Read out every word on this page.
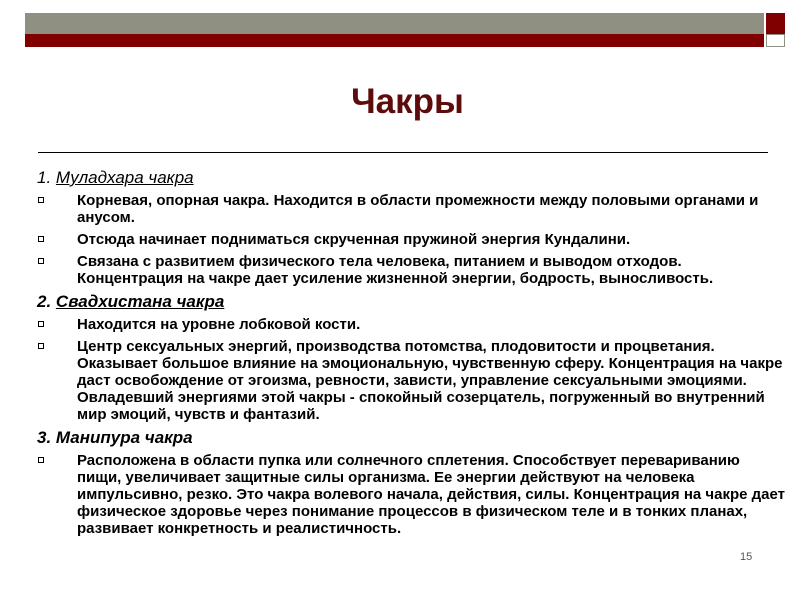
Чакры
1. Муладхара чакра
Корневая, опорная чакра. Находится в области промежности между половыми органами и анусом.
Отсюда начинает подниматься скрученная пружиной энергия Кундалини.
Связана с развитием физического тела человека, питанием и выводом отходов. Концентрация на чакре дает усиление жизненной энергии, бодрость, выносливость.
2. Свадхистана чакра
Находится на уровне лобковой кости.
Центр сексуальных энергий, производства потомства, плодовитости и процветания. Оказывает большое влияние на эмоциональную, чувственную сферу. Концентрация на чакре даст освобождение от эгоизма, ревности, зависти, управление сексуальными эмоциями. Овладевший энергиями этой чакры - спокойный созерцатель, погруженный во внутренний мир эмоций, чувств и фантазий.
3. Манипура чакра
Расположена в области пупка или солнечного сплетения. Способствует перевариванию пищи, увеличивает защитные силы организма. Ее энергии действуют на человека импульсивно, резко. Это чакра волевого начала, действия, силы. Концентрация на чакре дает физическое здоровье через понимание процессов в физическом теле и в тонких планах, развивает конкретность и реалистичность.
15
